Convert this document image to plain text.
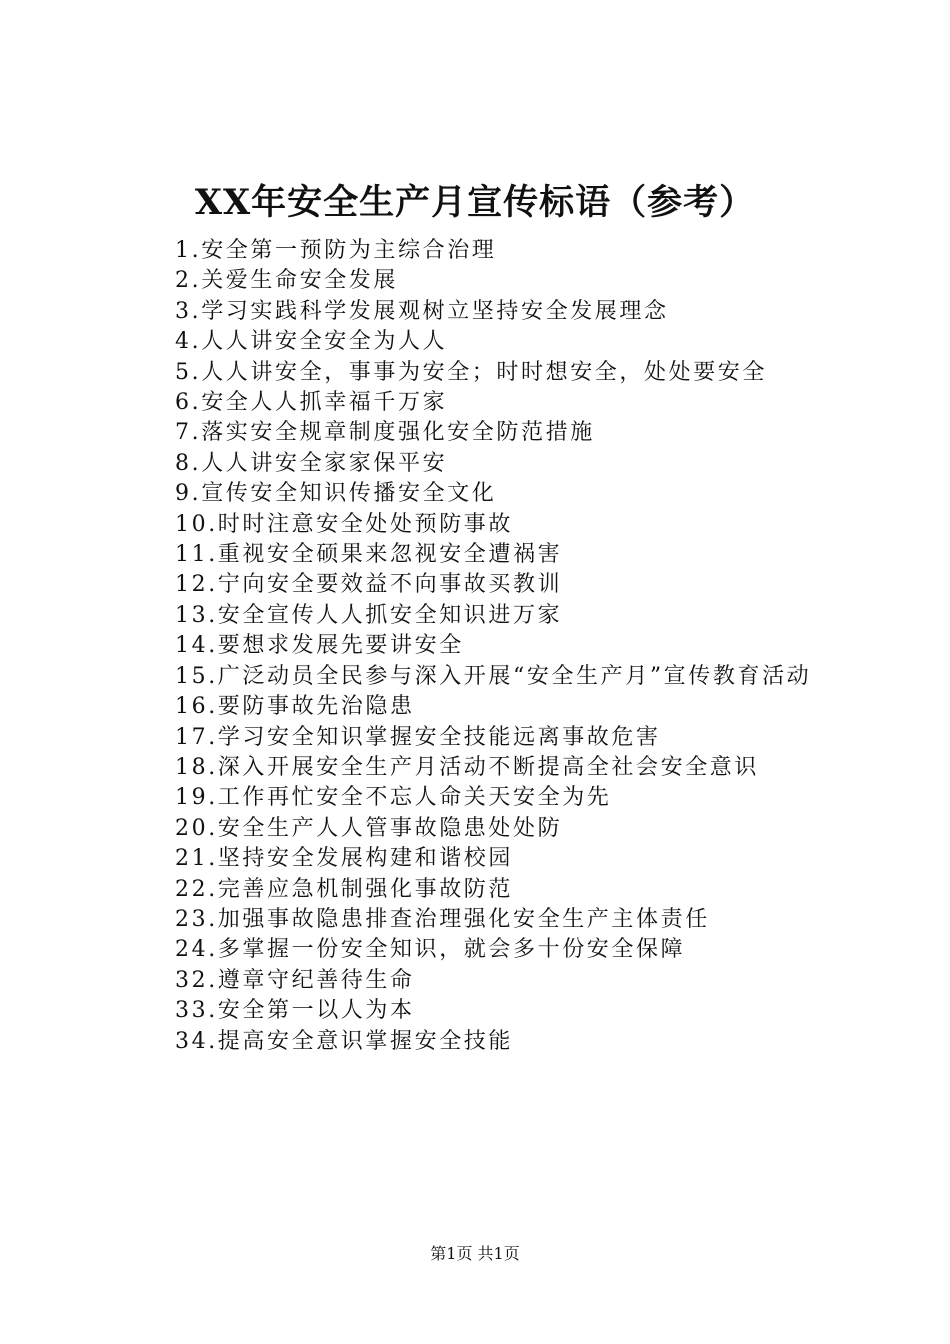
XX年安全生产月宣传标语（参考）
1.安全第一预防为主综合治理
2.关爱生命安全发展
3.学习实践科学发展观树立坚持安全发展理念
4.人人讲安全安全为人人
5.人人讲安全，事事为安全；时时想安全，处处要安全
6.安全人人抓幸福千万家
7.落实安全规章制度强化安全防范措施
8.人人讲安全家家保平安
9.宣传安全知识传播安全文化
10.时时注意安全处处预防事故
11.重视安全硕果来忽视安全遭祸害
12.宁向安全要效益不向事故买教训
13.安全宣传人人抓安全知识进万家
14.要想求发展先要讲安全
15.广泛动员全民参与深入开展“安全生产月”宣传教育活动
16.要防事故先治隐患
17.学习安全知识掌握安全技能远离事故危害
18.深入开展安全生产月活动不断提高全社会安全意识
19.工作再忙安全不忘人命关天安全为先
20.安全生产人人管事故隐患处处防
21.坚持安全发展构建和谐校园
22.完善应急机制强化事故防范
23.加强事故隐患排查治理强化安全生产主体责任
24.多掌握一份安全知识，就会多十份安全保障
32.遵章守纪善待生命
33.安全第一以人为本
34.提高安全意识掌握安全技能
第1页 共1页
